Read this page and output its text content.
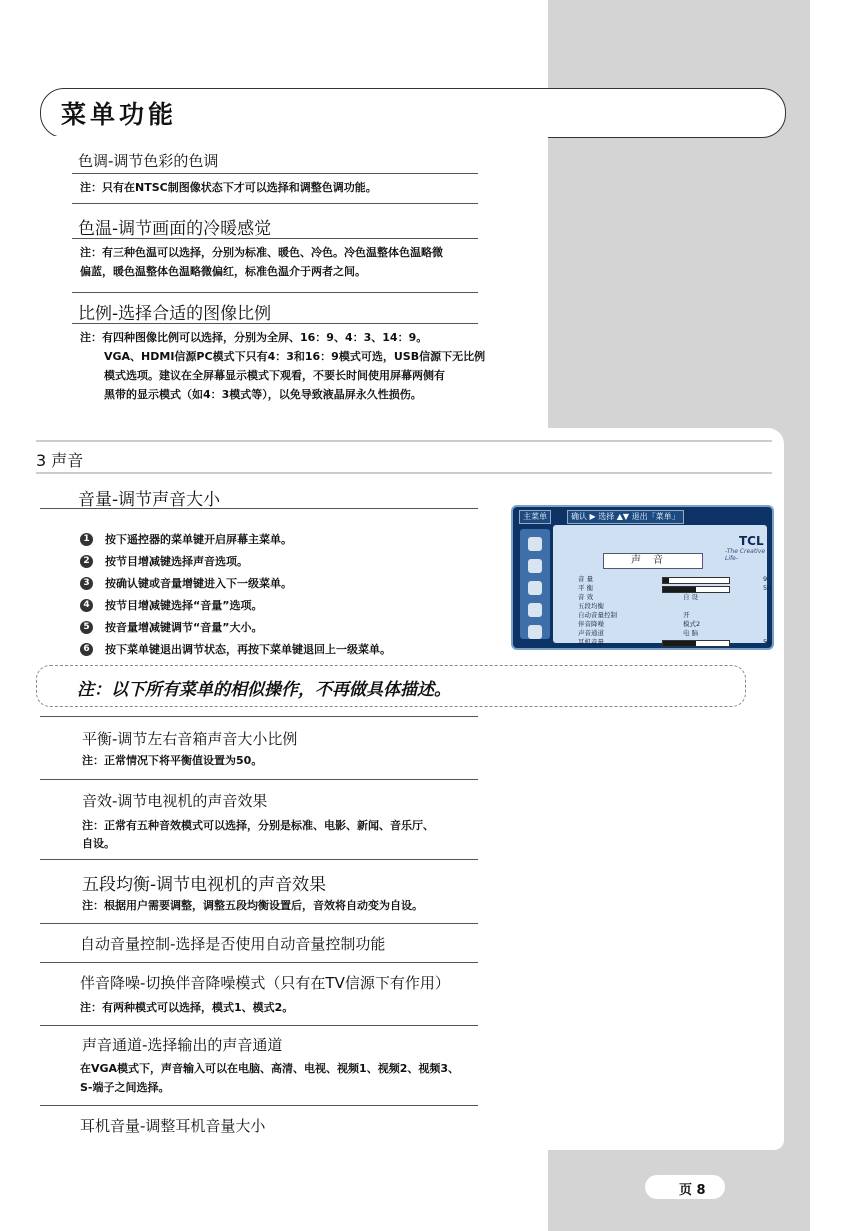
菜单功能
色调-调节色彩的色调
注：只有在NTSC制图像状态下才可以选择和调整色调功能。
色温-调节画面的冷暖感觉
注：有三种色温可以选择，分别为标准、暖色、冷色。冷色温整体色温略微
偏蓝，暖色温整体色温略微偏红，标准色温介于两者之间。
比例-选择合适的图像比例
注：有四种图像比例可以选择，分别为全屏、16：9、4：3、14：9。
VGA、HDMI信源PC模式下只有4：3和16：9模式可选，USB信源下无比例
模式选项。建议在全屏幕显示模式下观看，不要长时间使用屏幕两侧有
黑带的显示模式（如4：3模式等），以免导致液晶屏永久性损伤。
3 声音
音量-调节声音大小
1	按下遥控器的菜单键开启屏幕主菜单。
2	按节目增减键选择声音选项。
3	按确认键或音量增键进入下一级菜单。
4	按节目增减键选择“音量”选项。
5	按音量增减键调节“音量”大小。
6	按下菜单键退出调节状态，再按下菜单键退回上一级菜单。
主菜单	确认 ▶ 选择 ▲▼ 退出「菜单」
TCL
-The Creative Life-
声音
音 量	9
平 衡	50
音 效	自 设
五段均衡
自动音量控制	开
伴音降噪	模式2
声音通道	电 脑
耳机音量	50
注：以下所有菜单的相似操作，不再做具体描述。
平衡-调节左右音箱声音大小比例
注：正常情况下将平衡值设置为50。
音效-调节电视机的声音效果
注：正常有五种音效模式可以选择，分别是标准、电影、新闻、音乐厅、
自设。
五段均衡-调节电视机的声音效果
注：根据用户需要调整，调整五段均衡设置后，音效将自动变为自设。
自动音量控制-选择是否使用自动音量控制功能
伴音降噪-切换伴音降噪模式（只有在TV信源下有作用）
注：有两种模式可以选择，模式1、模式2。
声音通道-选择输出的声音通道
在VGA模式下，声音输入可以在电脑、高清、电视、视频1、视频2、视频3、
S-端子之间选择。
耳机音量-调整耳机音量大小
页 8
